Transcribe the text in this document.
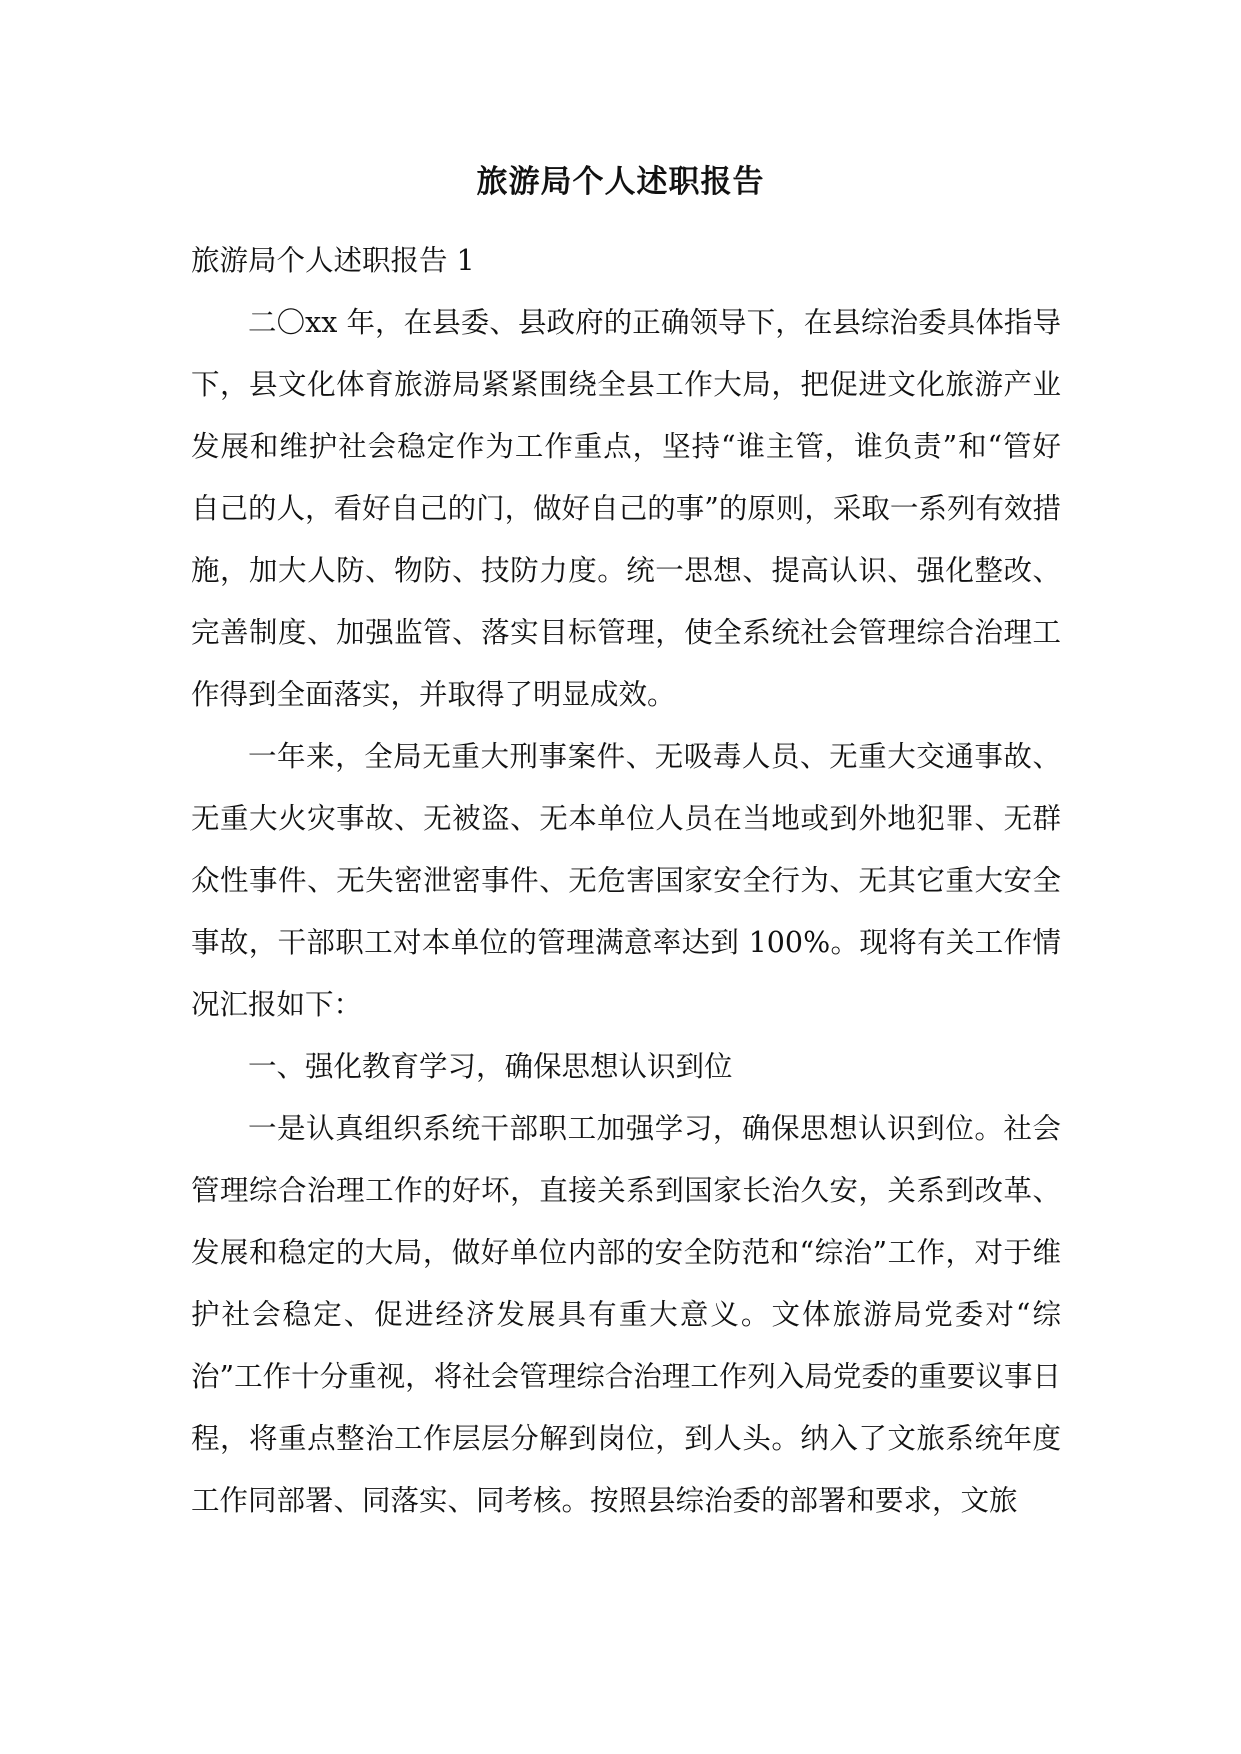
旅游局个人述职报告

旅游局个人述职报告 1

二〇xx 年，在县委、县政府的正确领导下，在县综治委具体指导下，县文化体育旅游局紧紧围绕全县工作大局，把促进文化旅游产业发展和维护社会稳定作为工作重点，坚持“谁主管，谁负责”和“管好自己的人，看好自己的门，做好自己的事”的原则，采取一系列有效措施，加大人防、物防、技防力度。统一思想、提高认识、强化整改、完善制度、加强监管、落实目标管理，使全系统社会管理综合治理工作得到全面落实，并取得了明显成效。

一年来，全局无重大刑事案件、无吸毒人员、无重大交通事故、无重大火灾事故、无被盗、无本单位人员在当地或到外地犯罪、无群众性事件、无失密泄密事件、无危害国家安全行为、无其它重大安全事故，干部职工对本单位的管理满意率达到 100%。现将有关工作情况汇报如下：

一、强化教育学习，确保思想认识到位

一是认真组织系统干部职工加强学习，确保思想认识到位。社会管理综合治理工作的好坏，直接关系到国家长治久安，关系到改革、发展和稳定的大局，做好单位内部的安全防范和“综治”工作，对于维护社会稳定、促进经济发展具有重大意义。文体旅游局党委对“综治”工作十分重视，将社会管理综合治理工作列入局党委的重要议事日程，将重点整治工作层层分解到岗位，到人头。纳入了文旅系统年度工作同部署、同落实、同考核。按照县综治委的部署和要求，文旅
